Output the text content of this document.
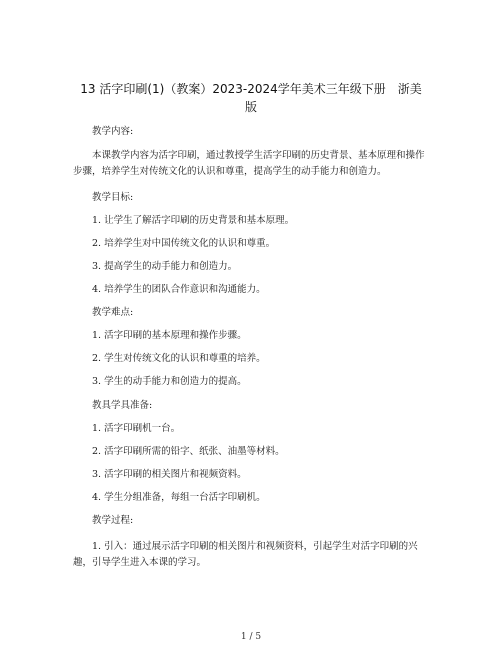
13 活字印刷(1)（教案）2023-2024学年美术三年级下册　浙美
版
教学内容:
本课教学内容为活字印刷，通过教授学生活字印刷的历史背景、基本原理和操作步骤，培养学生对传统文化的认识和尊重，提高学生的动手能力和创造力。
教学目标:
1. 让学生了解活字印刷的历史背景和基本原理。
2. 培养学生对中国传统文化的认识和尊重。
3. 提高学生的动手能力和创造力。
4. 培养学生的团队合作意识和沟通能力。
教学难点:
1. 活字印刷的基本原理和操作步骤。
2. 学生对传统文化的认识和尊重的培养。
3. 学生的动手能力和创造力的提高。
教具学具准备:
1. 活字印刷机一台。
2. 活字印刷所需的铅字、纸张、油墨等材料。
3. 活字印刷的相关图片和视频资料。
4. 学生分组准备，每组一台活字印刷机。
教学过程:
1. 引入：通过展示活字印刷的相关图片和视频资料，引起学生对活字印刷的兴趣，引导学生进入本课的学习。
1 / 5
